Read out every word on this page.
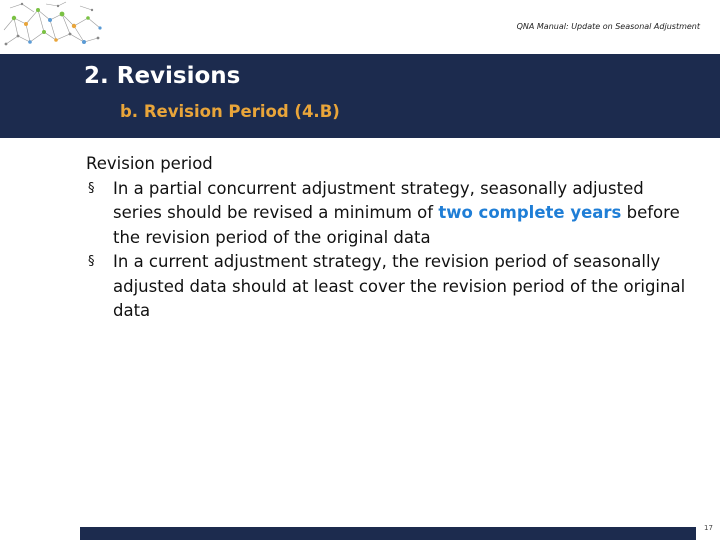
QNA Manual: Update on Seasonal Adjustment
2. Revisions
b. Revision Period (4.B)

Revision period

§ In a partial concurrent adjustment strategy, seasonally adjusted series should be revised a minimum of two complete years before the revision period of the original data
§ In a current adjustment strategy, the revision period of seasonally adjusted data should at least cover the revision period of the original data
17
